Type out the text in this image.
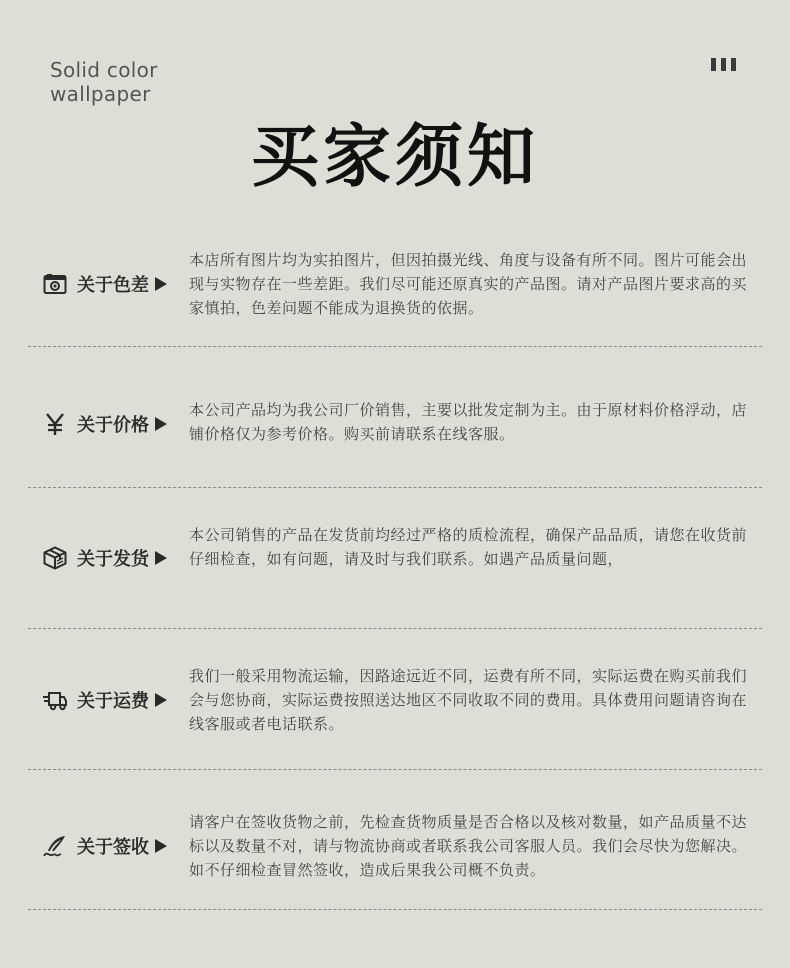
Solid color
wallpaper
买家须知
关于色差
本店所有图片均为实拍图片，但因拍摄光线、角度与设备有所不同。图片可能会出现与实物存在一些差距。我们尽可能还原真实的产品图。请对产品图片要求高的买家慎拍，色差问题不能成为退换货的依据。
关于价格
本公司产品均为我公司厂价销售，主要以批发定制为主。由于原材料价格浮动，店铺价格仅为参考价格。购买前请联系在线客服。
关于发货
本公司销售的产品在发货前均经过严格的质检流程，确保产品品质，请您在收货前仔细检查，如有问题，请及时与我们联系。如遇产品质量问题，
关于运费
我们一般采用物流运输，因路途远近不同，运费有所不同，实际运费在购买前我们会与您协商，实际运费按照送达地区不同收取不同的费用。具体费用问题请咨询在线客服或者电话联系。
关于签收
请客户在签收货物之前，先检查货物质量是否合格以及核对数量，如产品质量不达标以及数量不对，请与物流协商或者联系我公司客服人员。我们会尽快为您解决。如不仔细检查冒然签收，造成后果我公司概不负责。
